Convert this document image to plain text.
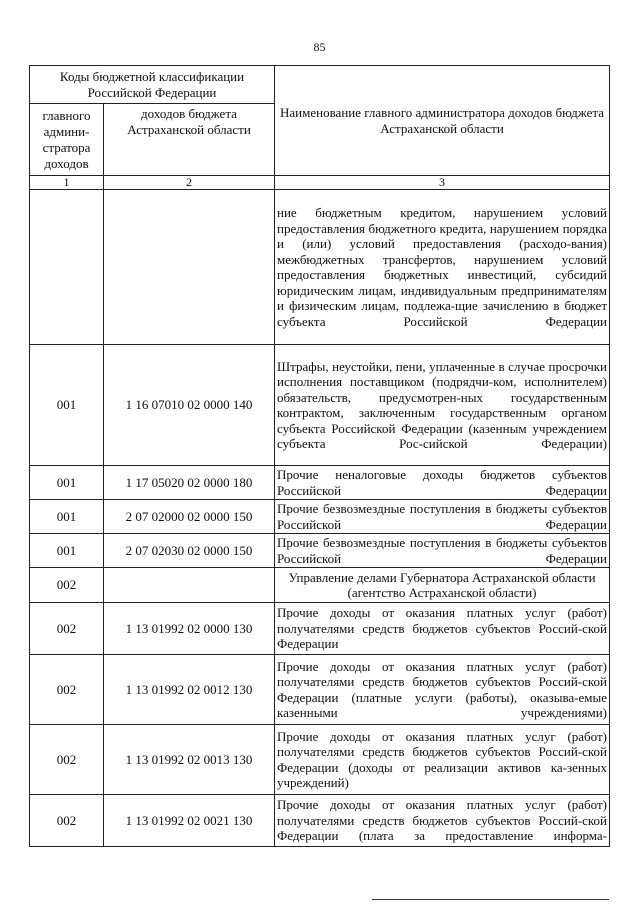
85
Коды бюджетной классификации Российской Федерации		Наименование главного администратора доходов бюджета Астраханской области
главного админи-стратора доходов	доходов бюджета Астраханской области	
1	2	3
		ние бюджетным кредитом, нарушением условий предоставления бюджетного кредита, нарушением порядка и (или) условий предоставления (расходо-вания) межбюджетных трансфертов, нарушением условий предоставления бюджетных инвестиций, субсидий юридическим лицам, индивидуальным предпринимателям и физическим лицам, подлежа-щие зачислению в бюджет субъекта Российской Федерации
001	1 16 07010 02 0000 140	Штрафы, неустойки, пени, уплаченные в случае просрочки исполнения поставщиком (подрядчи-ком, исполнителем) обязательств, предусмотрен-ных государственным контрактом, заключенным государственным органом субъекта Российской Федерации (казенным учреждением субъекта Рос-сийской Федерации)
001	1 17 05020 02 0000 180	Прочие неналоговые доходы бюджетов субъектов Российской Федерации
001	2 07 02000 02 0000 150	Прочие безвозмездные поступления в бюджеты субъектов Российской Федерации
001	2 07 02030 02 0000 150	Прочие безвозмездные поступления в бюджеты субъектов Российской Федерации
002		Управление делами Губернатора Астраханской области (агентство Астраханской области)
002	1 13 01992 02 0000 130	Прочие доходы от оказания платных услуг (работ) получателями средств бюджетов субъектов Россий-ской Федерации
002	1 13 01992 02 0012 130	Прочие доходы от оказания платных услуг (работ) получателями средств бюджетов субъектов Россий-ской Федерации (платные услуги (работы), оказыва-емые казенными учреждениями)
002	1 13 01992 02 0013 130	Прочие доходы от оказания платных услуг (работ) получателями средств бюджетов субъектов Россий-ской Федерации (доходы от реализации активов ка-зенных учреждений)
002	1 13 01992 02 0021 130	Прочие доходы от оказания платных услуг (работ) получателями средств бюджетов субъектов Россий-ской Федерации (плата за предоставление информа-
